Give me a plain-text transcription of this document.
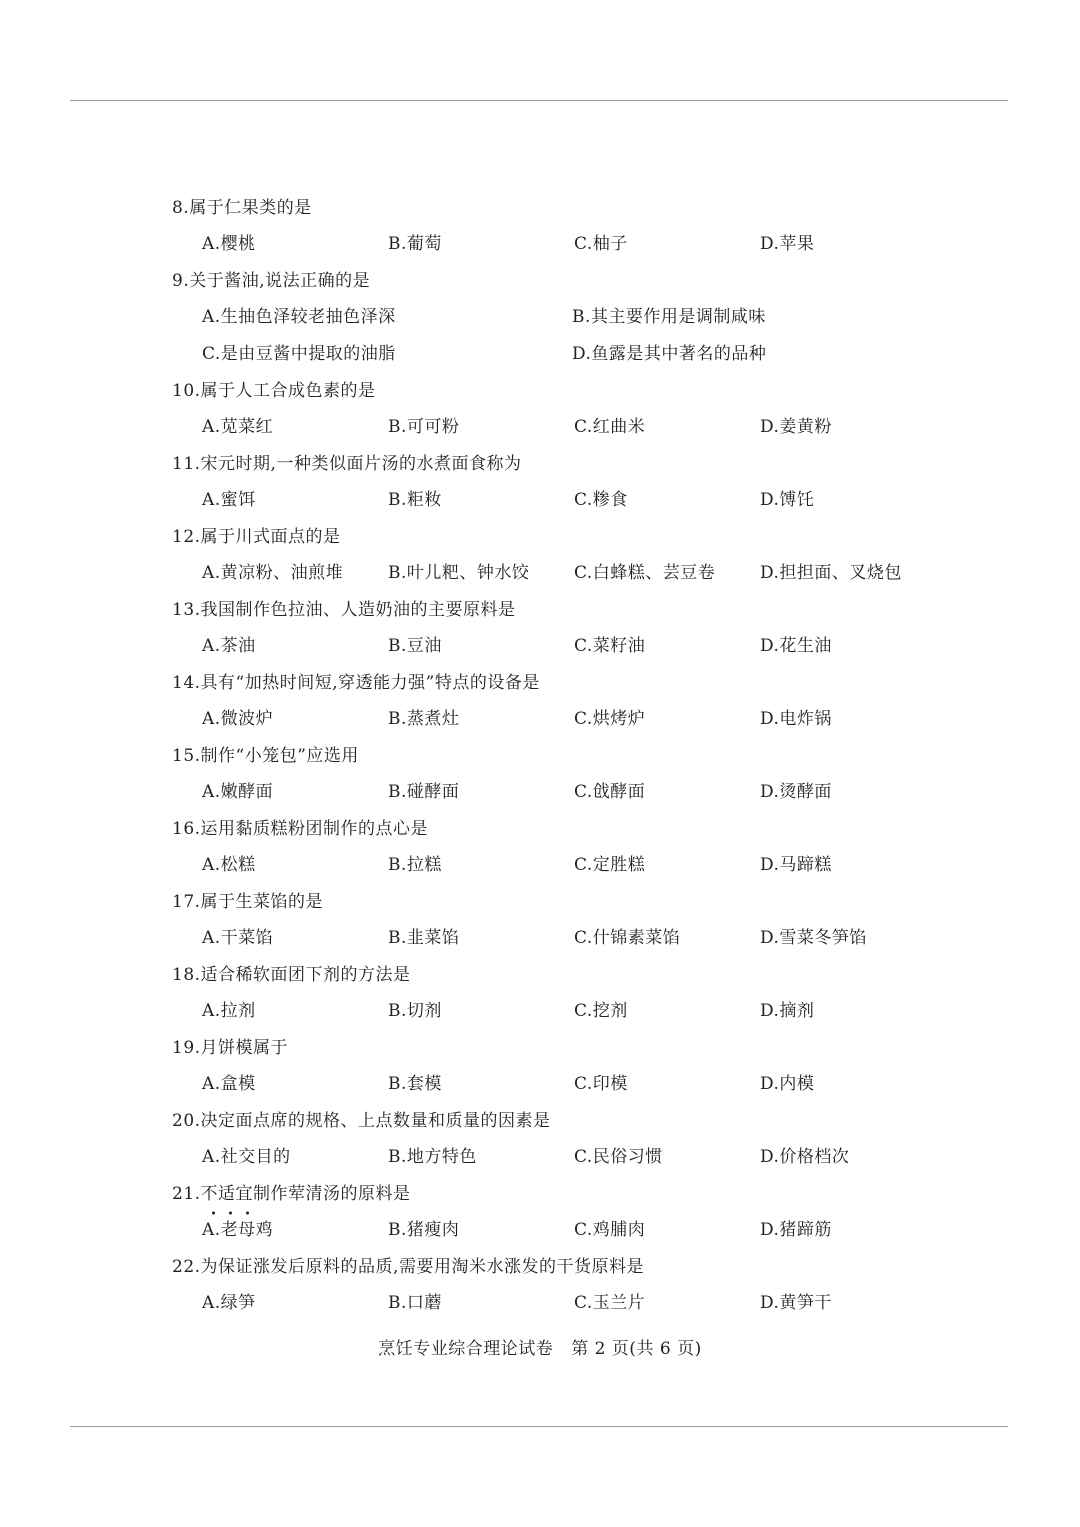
8.属于仁果类的是
A.樱桃	B.葡萄	C.柚子	D.苹果
9.关于酱油,说法正确的是
A.生抽色泽较老抽色泽深	B.其主要作用是调制咸味
C.是由豆酱中提取的油脂	D.鱼露是其中著名的品种
10.属于人工合成色素的是
A.苋菜红	B.可可粉	C.红曲米	D.姜黄粉
11.宋元时期,一种类似面片汤的水煮面食称为
A.蜜饵	B.粔籹	C.糁食	D.馎饦
12.属于川式面点的是
A.黄凉粉、油煎堆	B.叶儿粑、钟水饺	C.白蜂糕、芸豆卷	D.担担面、叉烧包
13.我国制作色拉油、人造奶油的主要原料是
A.茶油	B.豆油	C.菜籽油	D.花生油
14.具有“加热时间短,穿透能力强”特点的设备是
A.微波炉	B.蒸煮灶	C.烘烤炉	D.电炸锅
15.制作“小笼包”应选用
A.嫩酵面	B.碰酵面	C.戗酵面	D.烫酵面
16.运用黏质糕粉团制作的点心是
A.松糕	B.拉糕	C.定胜糕	D.马蹄糕
17.属于生菜馅的是
A.干菜馅	B.韭菜馅	C.什锦素菜馅	D.雪菜冬笋馅
18.适合稀软面团下剂的方法是
A.拉剂	B.切剂	C.挖剂	D.摘剂
19.月饼模属于
A.盒模	B.套模	C.印模	D.内模
20.决定面点席的规格、上点数量和质量的因素是
A.社交目的	B.地方特色	C.民俗习惯	D.价格档次
21.不适宜制作荤清汤的原料是
A.老母鸡	B.猪瘦肉	C.鸡脯肉	D.猪蹄筋
22.为保证涨发后原料的品质,需要用淘米水涨发的干货原料是
A.绿笋	B.口蘑	C.玉兰片	D.黄笋干
烹饪专业综合理论试卷 第 2 页(共 6 页)
